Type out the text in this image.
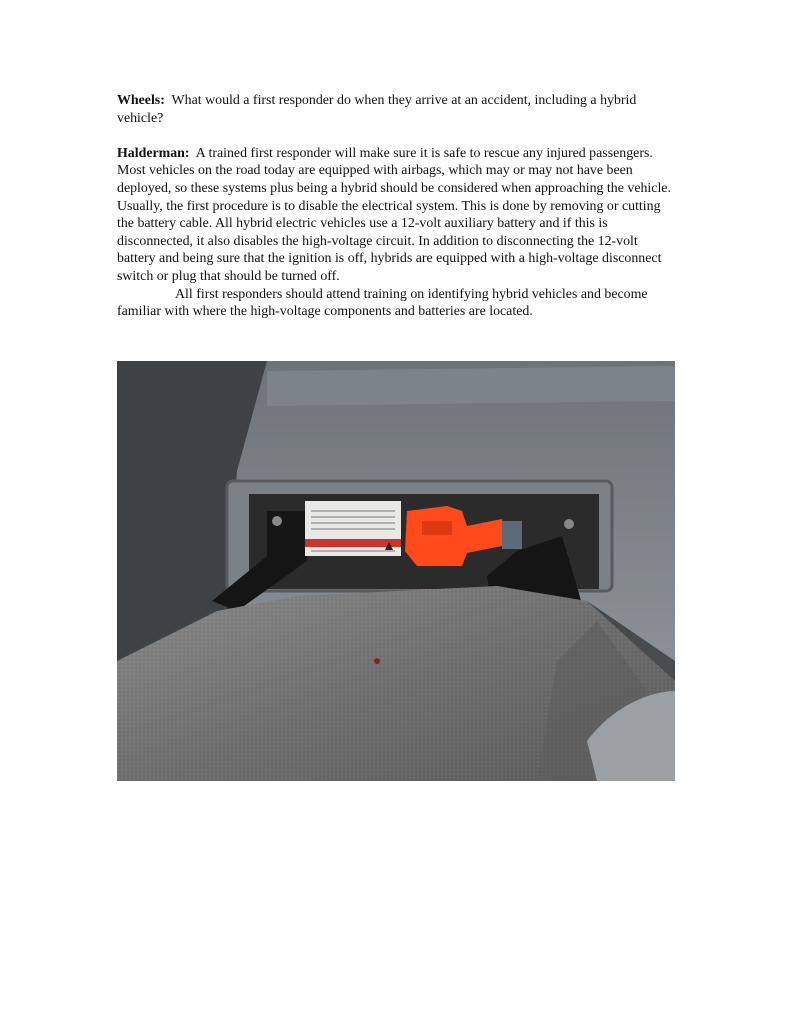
Wheels: What would a first responder do when they arrive at an accident, including a hybrid vehicle?

Halderman: A trained first responder will make sure it is safe to rescue any injured passengers. Most vehicles on the road today are equipped with airbags, which may or may not have been deployed, so these systems plus being a hybrid should be considered when approaching the vehicle. Usually, the first procedure is to disable the electrical system. This is done by removing or cutting the battery cable. All hybrid electric vehicles use a 12-volt auxiliary battery and if this is disconnected, it also disables the high-voltage circuit. In addition to disconnecting the 12-volt battery and being sure that the ignition is off, hybrids are equipped with a high-voltage disconnect switch or plug that should be turned off.

All first responders should attend training on identifying hybrid vehicles and become familiar with where the high-voltage components and batteries are located.
